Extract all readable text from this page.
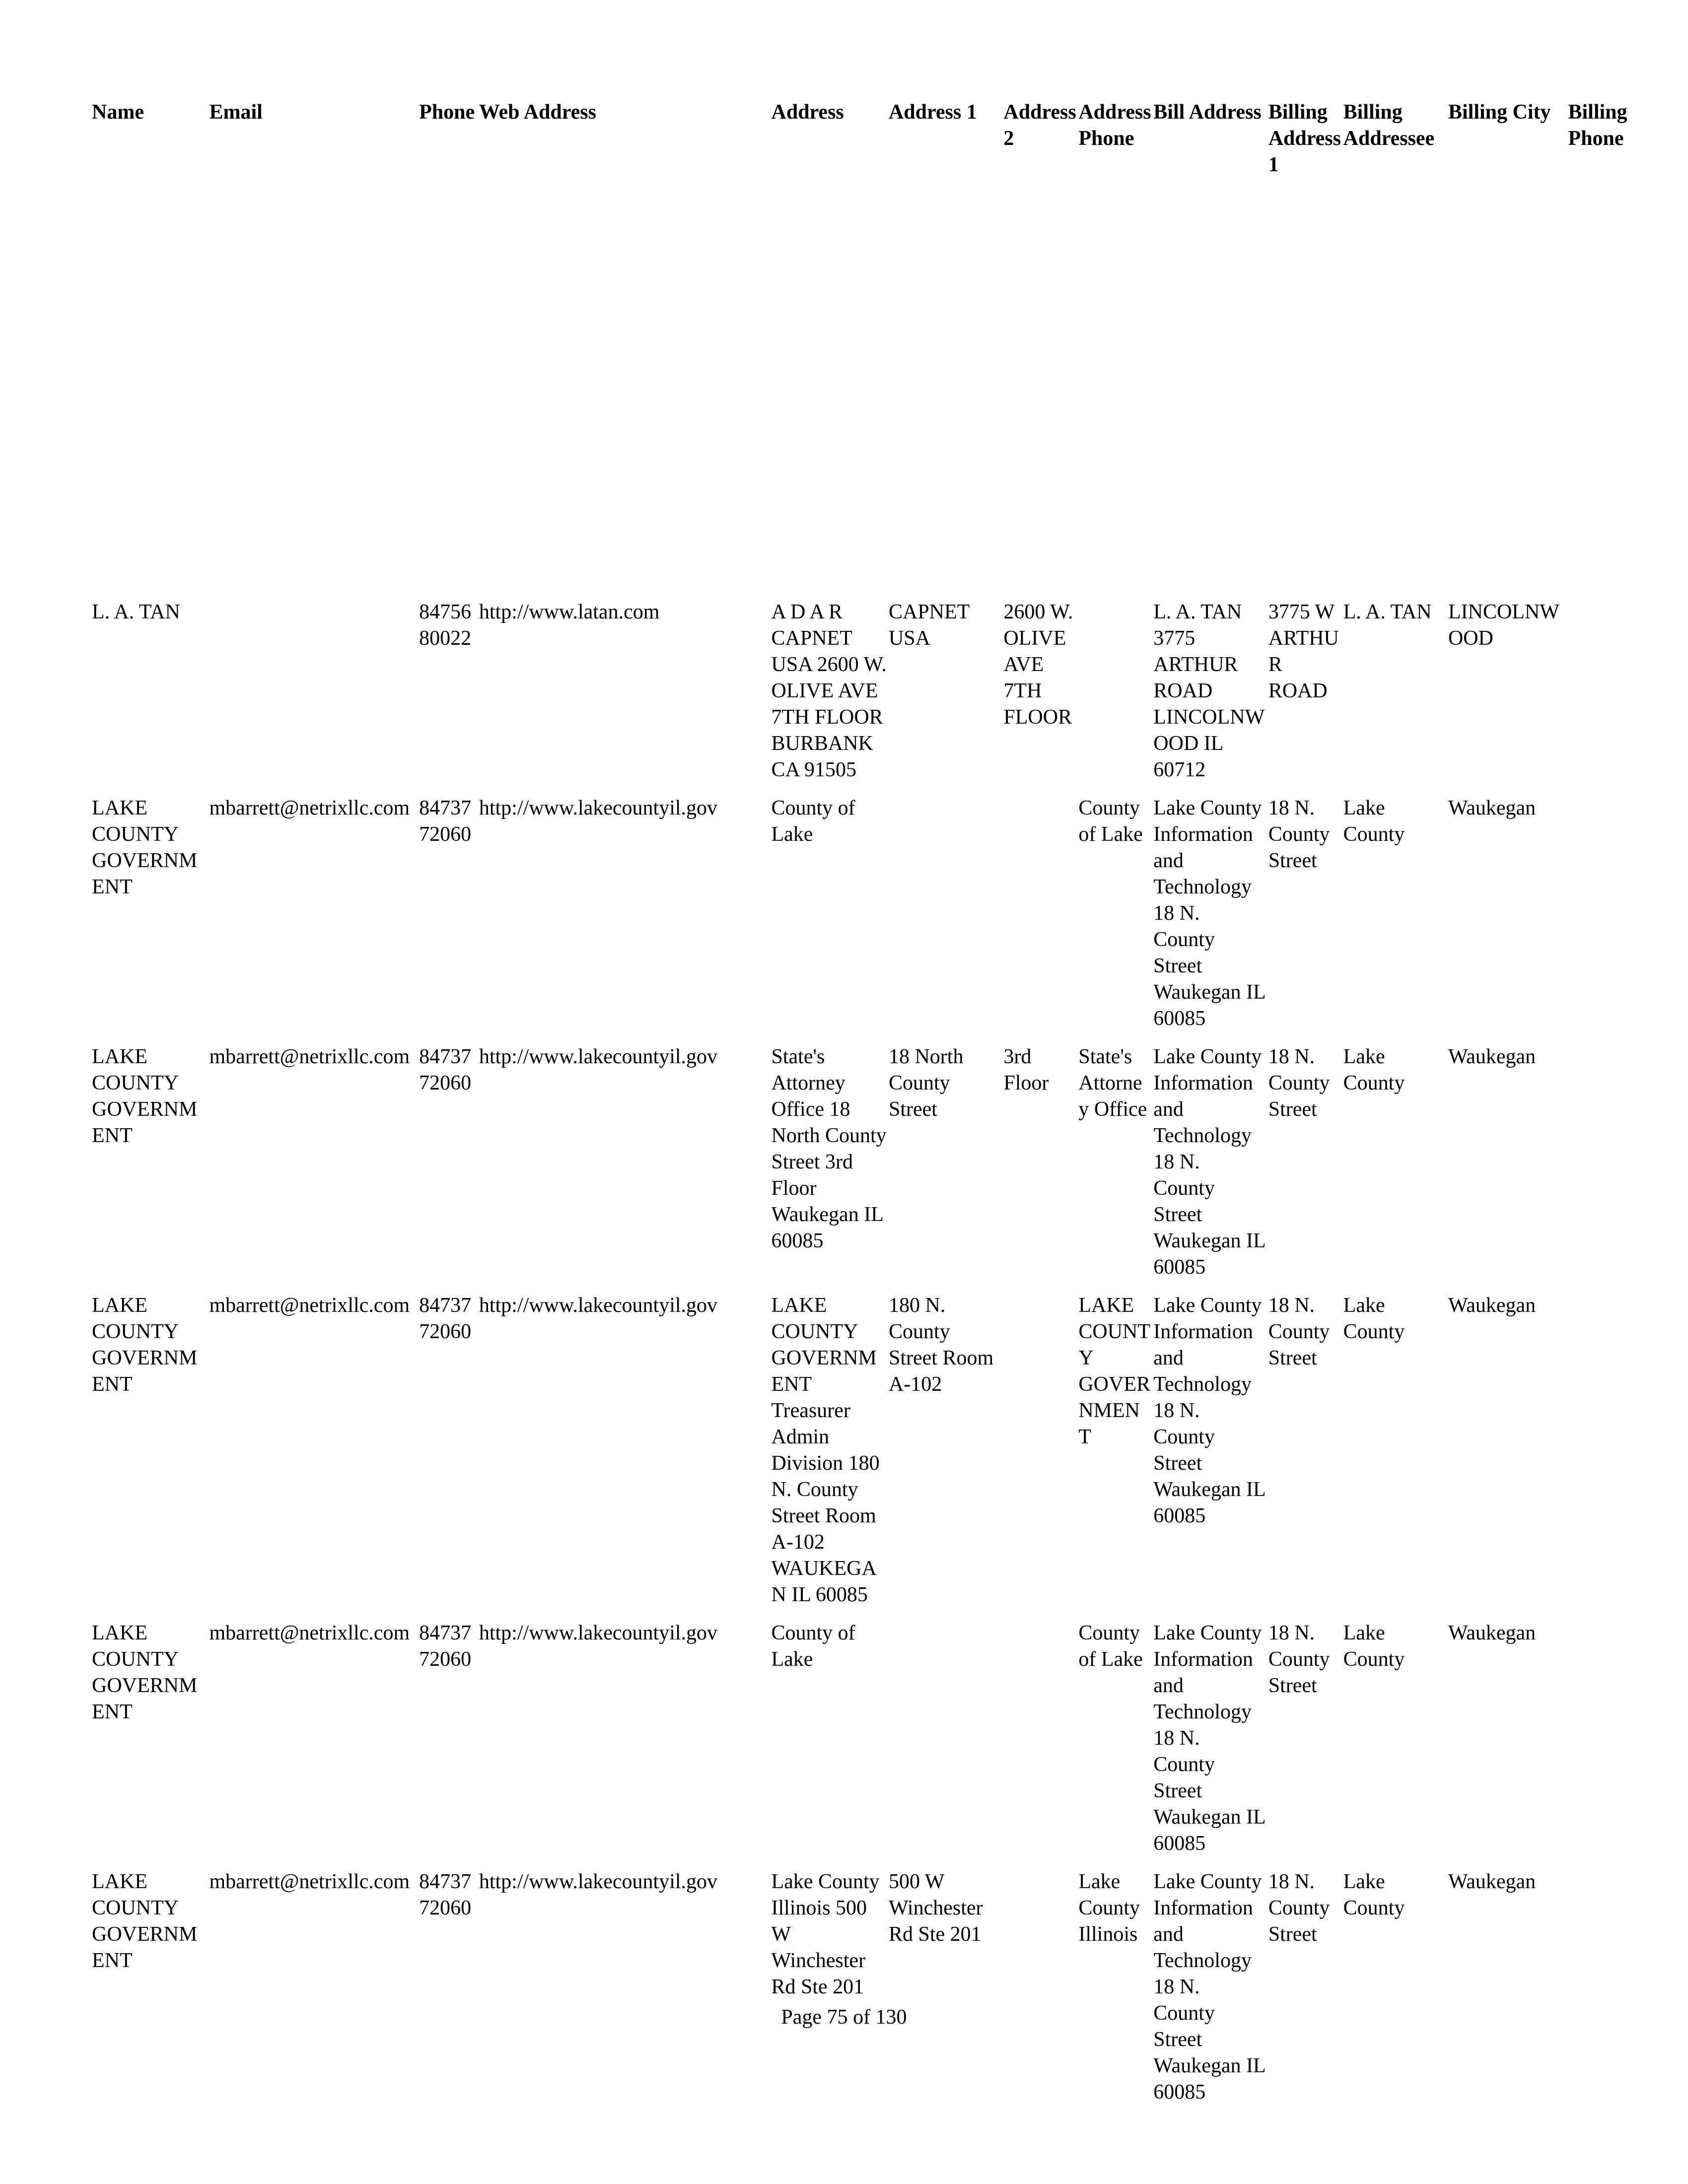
Name		Email	Phone	Web Address	Address	Address 1	Address 2		Address Phone	Bill Address		Billing Address 1			Billing Addressee	Billing City	Billing Phone
L. A. TAN			8475680022	http://www.latan.com	A D A R CAPNET USA 2600 W. OLIVE AVE 7TH FLOOR BURBANK CA 91505	CAPNET USA	2600 W. OLIVE AVE 7TH FLOOR			L. A. TAN 3775 ARTHUR ROAD LINCOLNWOOD IL 60712		3775 W ARTHUR ROAD			L. A. TAN	LINCOLNWOOD	
LAKE COUNTY GOVERNMENT		mbarrett@netrixllc.com	8473772060	http://www.lakecountyil.gov	County of Lake				County of Lake	Lake County Information and Technology 18 N. County Street Waukegan IL 60085		18 N. County Street			Lake County	Waukegan	
LAKE COUNTY GOVERNMENT		mbarrett@netrixllc.com	8473772060	http://www.lakecountyil.gov	State's Attorney Office 18 North County Street 3rd Floor Waukegan IL 60085	18 North County Street	3rd Floor		State's Attorney Office	Lake County Information and Technology 18 N. County Street Waukegan IL 60085		18 N. County Street			Lake County	Waukegan	
LAKE COUNTY GOVERNMENT		mbarrett@netrixllc.com	8473772060	http://www.lakecountyil.gov	LAKE COUNTY GOVERNMENT Treasurer Admin Division 180 N. County Street Room A-102 WAUKEGAN IL 60085	180 N. County Street Room A-102			LAKE COUNTY GOVERNMENT	Lake County Information and Technology 18 N. County Street Waukegan IL 60085		18 N. County Street			Lake County	Waukegan	
LAKE COUNTY GOVERNMENT		mbarrett@netrixllc.com	8473772060	http://www.lakecountyil.gov	County of Lake				County of Lake	Lake County Information and Technology 18 N. County Street Waukegan IL 60085		18 N. County Street			Lake County	Waukegan	
LAKE COUNTY GOVERNMENT		mbarrett@netrixllc.com	8473772060	http://www.lakecountyil.gov	Lake County Illinois 500 W Winchester Rd Ste 201	500 W Winchester Rd Ste 201			Lake County Illinois	Lake County Information and Technology 18 N. County Street Waukegan IL 60085		18 N. County Street			Lake County	Waukegan	
Page 75 of 130
